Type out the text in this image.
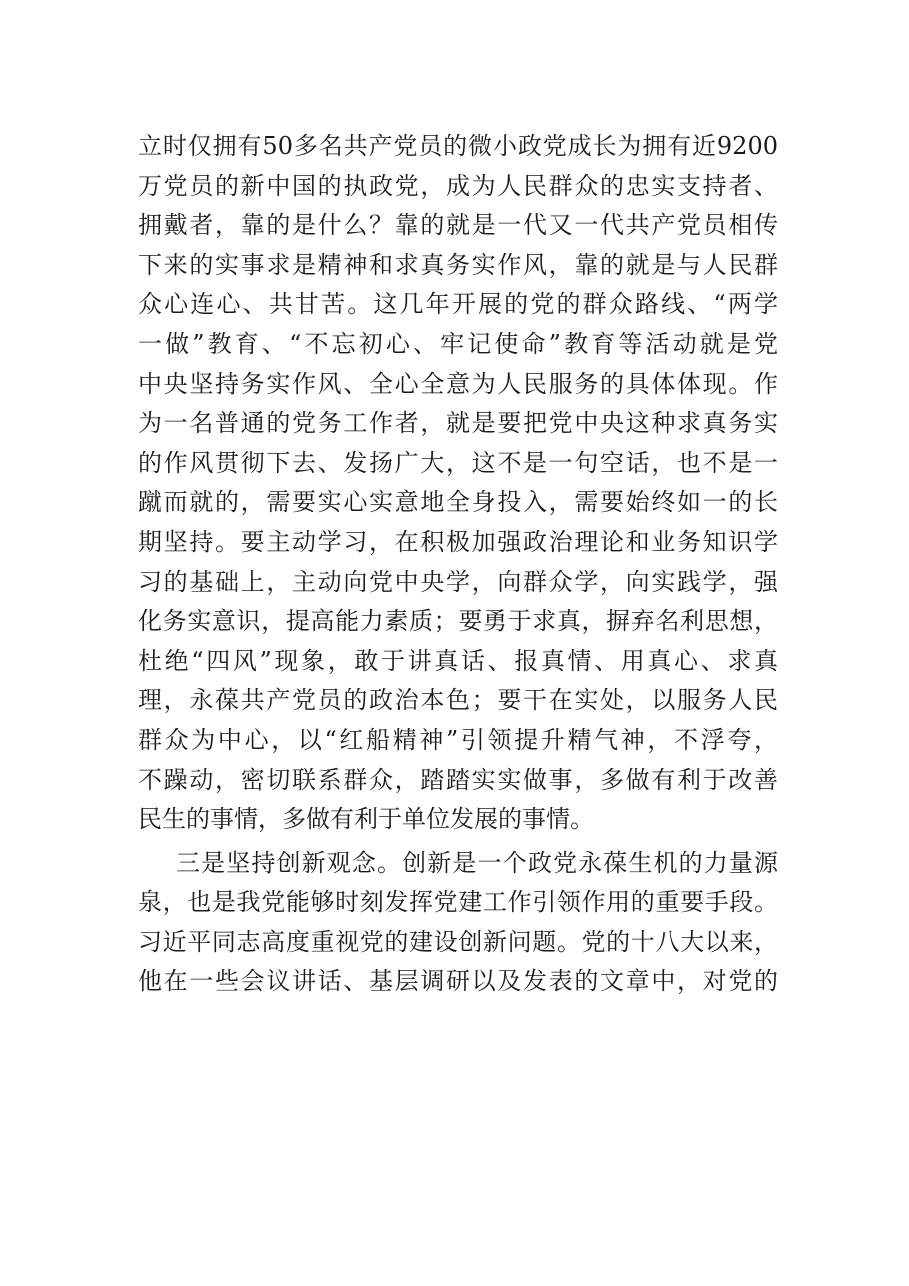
立时仅拥有50多名共产党员的微小政党成长为拥有近9200
万党员的新中国的执政党，成为人民群众的忠实支持者、
拥戴者，靠的是什么？靠的就是一代又一代共产党员相传
下来的实事求是精神和求真务实作风，靠的就是与人民群
众心连心、共甘苦。这几年开展的党的群众路线、“两学
一做”教育、“不忘初心、牢记使命”教育等活动就是党
中央坚持务实作风、全心全意为人民服务的具体体现。作
为一名普通的党务工作者，就是要把党中央这种求真务实
的作风贯彻下去、发扬广大，这不是一句空话，也不是一
蹴而就的，需要实心实意地全身投入，需要始终如一的长
期坚持。要主动学习，在积极加强政治理论和业务知识学
习的基础上，主动向党中央学，向群众学，向实践学，强
化务实意识，提高能力素质；要勇于求真，摒弃名利思想，
杜绝“四风”现象，敢于讲真话、报真情、用真心、求真
理，永葆共产党员的政治本色；要干在实处，以服务人民
群众为中心，以“红船精神”引领提升精气神，不浮夸，
不躁动，密切联系群众，踏踏实实做事，多做有利于改善
民生的事情，多做有利于单位发展的事情。
三是坚持创新观念。创新是一个政党永葆生机的力量源
泉，也是我党能够时刻发挥党建工作引领作用的重要手段。
习近平同志高度重视党的建设创新问题。党的十八大以来，
他在一些会议讲话、基层调研以及发表的文章中，对党的
